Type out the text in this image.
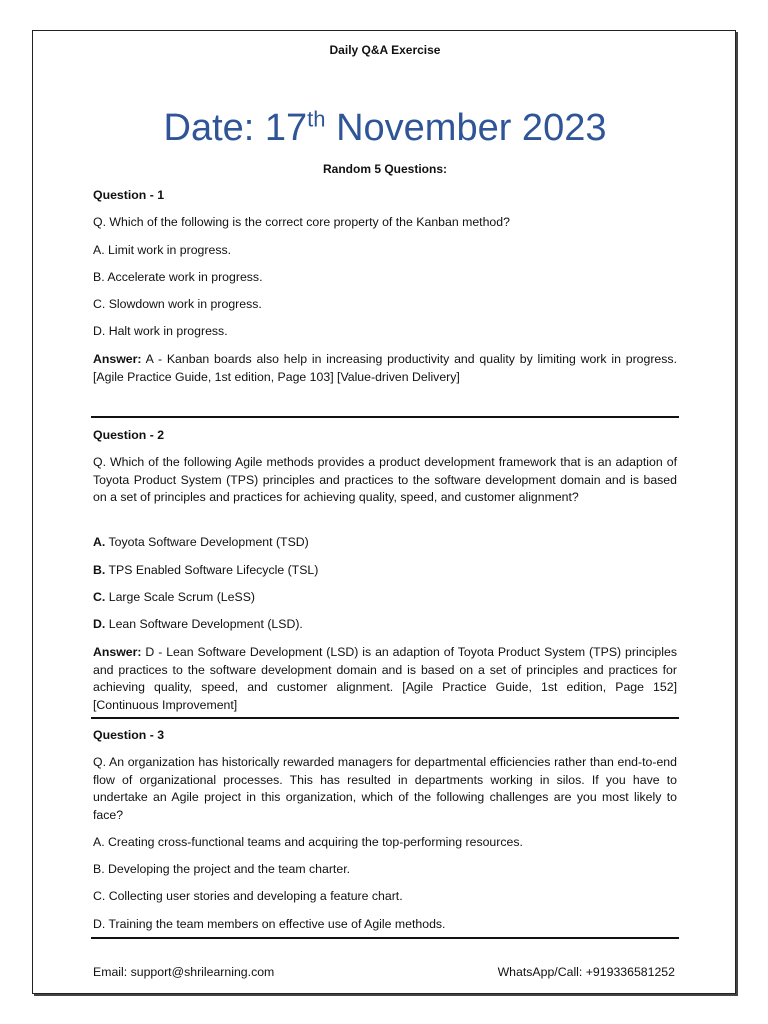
Daily Q&A Exercise
Date: 17th November 2023
Random 5 Questions:
Question - 1
Q. Which of the following is the correct core property of the Kanban method?
A. Limit work in progress.
B. Accelerate work in progress.
C. Slowdown work in progress.
D. Halt work in progress.

Answer: A - Kanban boards also help in increasing productivity and quality by limiting work in progress. [Agile Practice Guide, 1st edition, Page 103] [Value-driven Delivery]

Question - 2

Q. Which of the following Agile methods provides a product development framework that is an adaption of Toyota Product System (TPS) principles and practices to the software development domain and is based on a set of principles and practices for achieving quality, speed, and customer alignment?

A. Toyota Software Development (TSD)
B. TPS Enabled Software Lifecycle (TSL)
C. Large Scale Scrum (LeSS)
D. Lean Software Development (LSD).

Answer: D - Lean Software Development (LSD) is an adaption of Toyota Product System (TPS) principles and practices to the software development domain and is based on a set of principles and practices for achieving quality, speed, and customer alignment. [Agile Practice Guide, 1st edition, Page 152] [Continuous Improvement]

Question - 3

Q. An organization has historically rewarded managers for departmental efficiencies rather than end-to-end flow of organizational processes. This has resulted in departments working in silos. If you have to undertake an Agile project in this organization, which of the following challenges are you most likely to face?

A. Creating cross-functional teams and acquiring the top-performing resources.
B. Developing the project and the team charter.
C. Collecting user stories and developing a feature chart.
D. Training the team members on effective use of Agile methods.
Email: support@shrilearning.com	WhatsApp/Call: +919336581252
